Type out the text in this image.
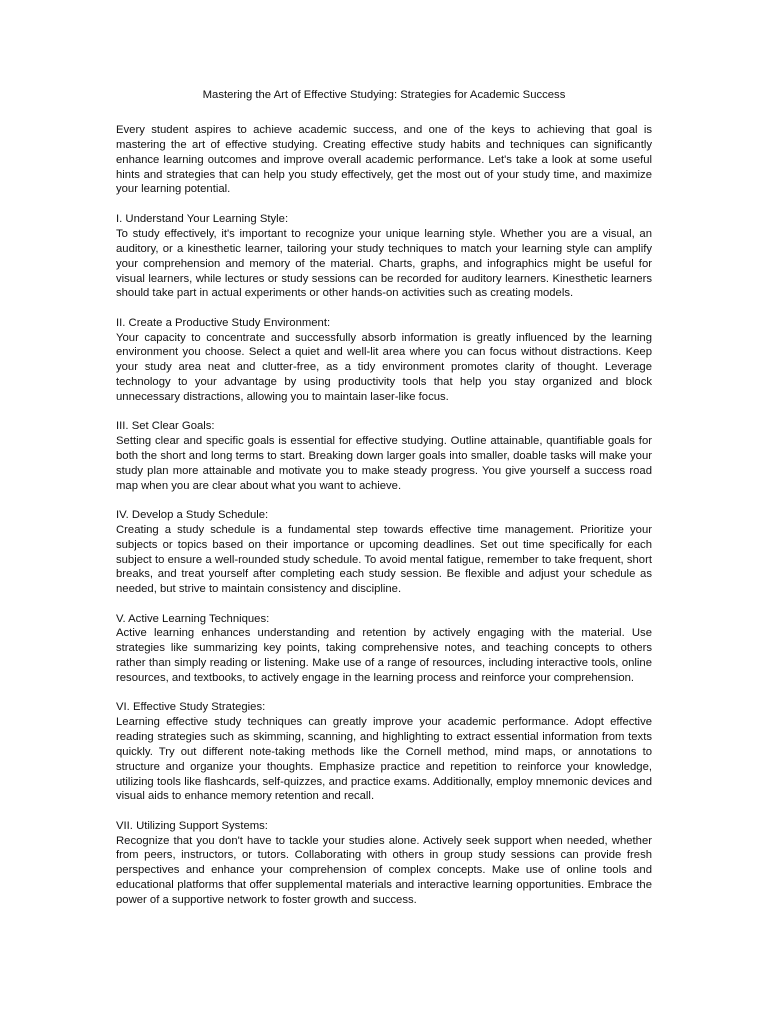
Mastering the Art of Effective Studying: Strategies for Academic Success

Every student aspires to achieve academic success, and one of the keys to achieving that goal is mastering the art of effective studying. Creating effective study habits and techniques can significantly enhance learning outcomes and improve overall academic performance. Let's take a look at some useful hints and strategies that can help you study effectively, get the most out of your study time, and maximize your learning potential.

I. Understand Your Learning Style:

To study effectively, it's important to recognize your unique learning style. Whether you are a visual, an auditory, or a kinesthetic learner, tailoring your study techniques to match your learning style can amplify your comprehension and memory of the material. Charts, graphs, and infographics might be useful for visual learners, while lectures or study sessions can be recorded for auditory learners. Kinesthetic learners should take part in actual experiments or other hands-on activities such as creating models.

II. Create a Productive Study Environment:

Your capacity to concentrate and successfully absorb information is greatly influenced by the learning environment you choose. Select a quiet and well-lit area where you can focus without distractions. Keep your study area neat and clutter-free, as a tidy environment promotes clarity of thought. Leverage technology to your advantage by using productivity tools that help you stay organized and block unnecessary distractions, allowing you to maintain laser-like focus.

III. Set Clear Goals:

Setting clear and specific goals is essential for effective studying. Outline attainable, quantifiable goals for both the short and long terms to start. Breaking down larger goals into smaller, doable tasks will make your study plan more attainable and motivate you to make steady progress. You give yourself a success road map when you are clear about what you want to achieve.

IV. Develop a Study Schedule:

Creating a study schedule is a fundamental step towards effective time management. Prioritize your subjects or topics based on their importance or upcoming deadlines. Set out time specifically for each subject to ensure a well-rounded study schedule. To avoid mental fatigue, remember to take frequent, short breaks, and treat yourself after completing each study session. Be flexible and adjust your schedule as needed, but strive to maintain consistency and discipline.

V. Active Learning Techniques:

Active learning enhances understanding and retention by actively engaging with the material. Use strategies like summarizing key points, taking comprehensive notes, and teaching concepts to others rather than simply reading or listening. Make use of a range of resources, including interactive tools, online resources, and textbooks, to actively engage in the learning process and reinforce your comprehension.

VI. Effective Study Strategies:

Learning effective study techniques can greatly improve your academic performance. Adopt effective reading strategies such as skimming, scanning, and highlighting to extract essential information from texts quickly. Try out different note-taking methods like the Cornell method, mind maps, or annotations to structure and organize your thoughts. Emphasize practice and repetition to reinforce your knowledge, utilizing tools like flashcards, self-quizzes, and practice exams. Additionally, employ mnemonic devices and visual aids to enhance memory retention and recall.

VII. Utilizing Support Systems:

Recognize that you don't have to tackle your studies alone. Actively seek support when needed, whether from peers, instructors, or tutors. Collaborating with others in group study sessions can provide fresh perspectives and enhance your comprehension of complex concepts. Make use of online tools and educational platforms that offer supplemental materials and interactive learning opportunities. Embrace the power of a supportive network to foster growth and success.
